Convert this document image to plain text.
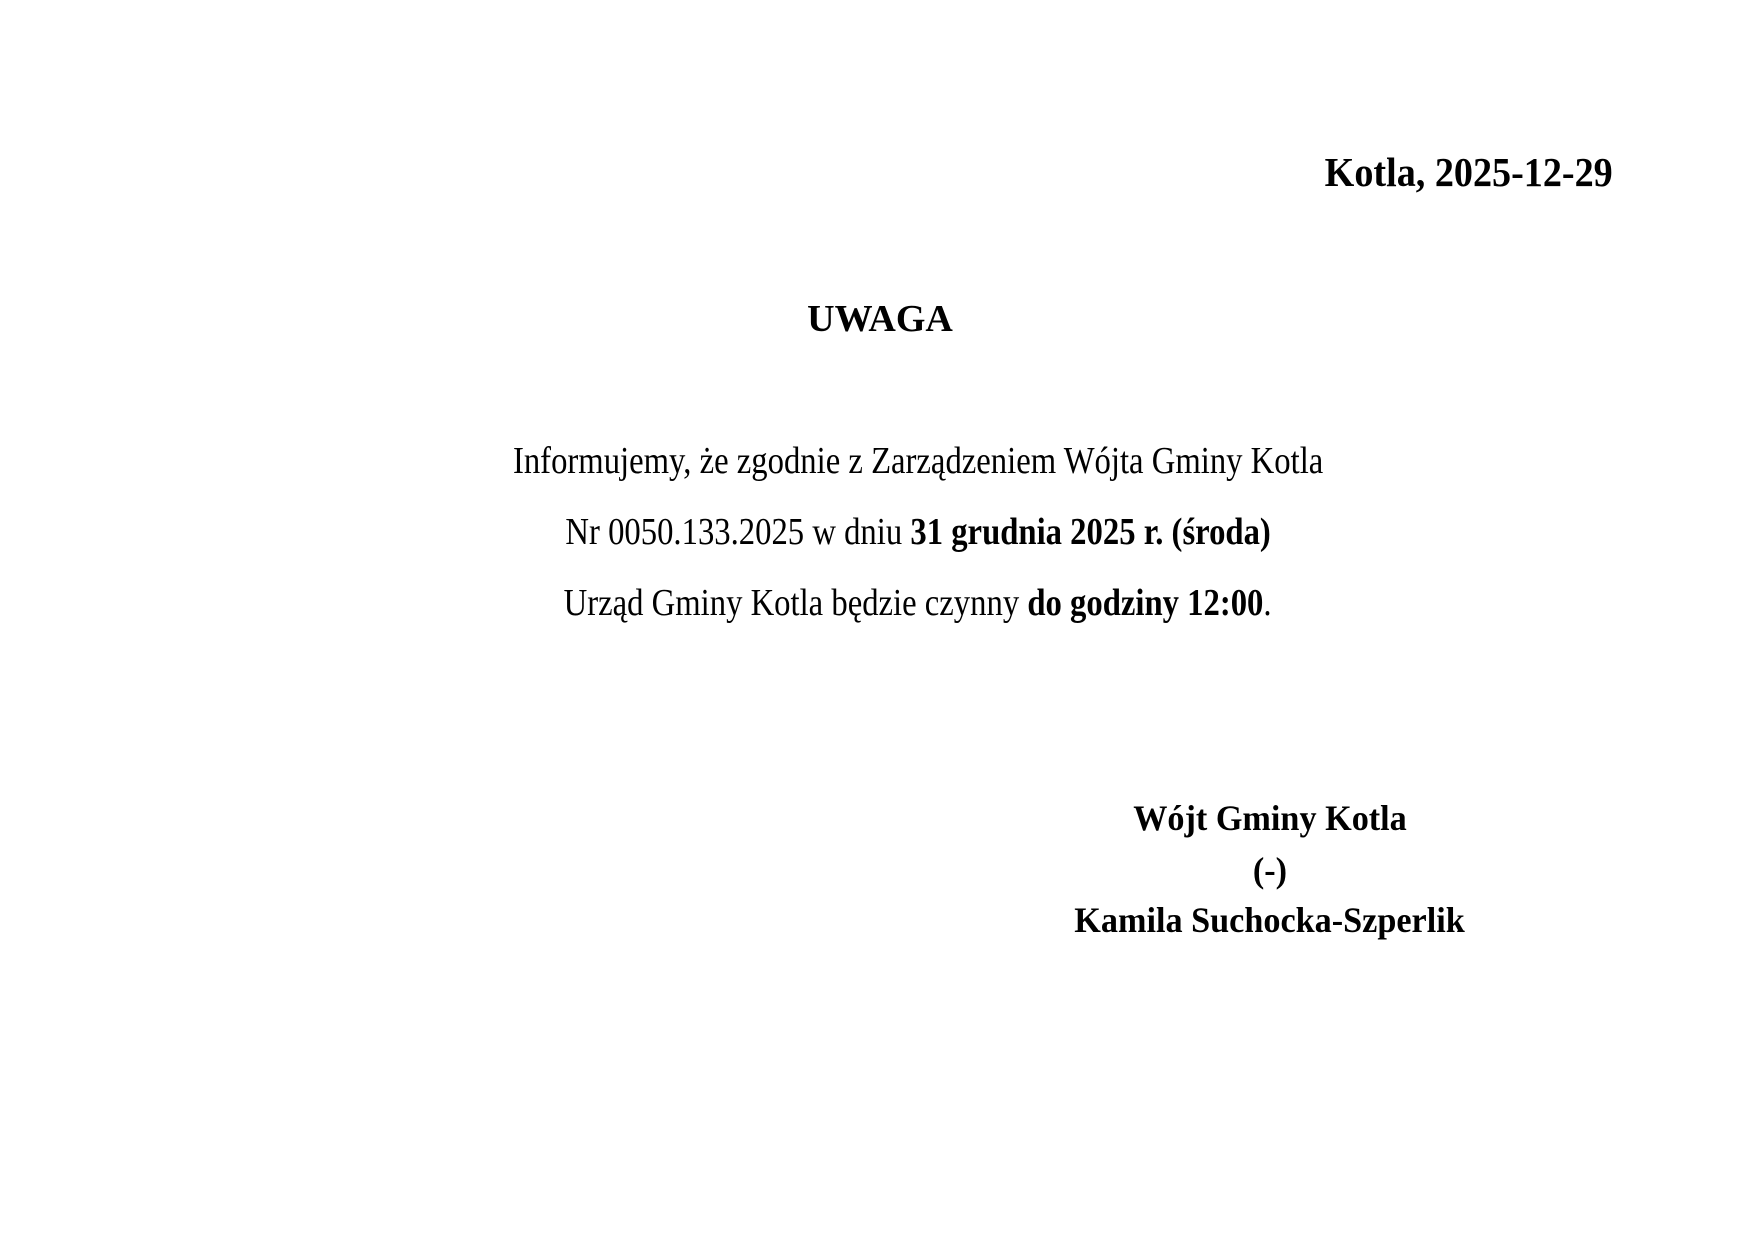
Kotla, 2025-12-29
UWAGA
Informujemy, że zgodnie z Zarządzeniem Wójta Gminy Kotla
Nr 0050.133.2025 w dniu 31 grudnia 2025 r. (środa)
Urząd Gminy Kotla będzie czynny do godziny 12:00.
Wójt Gminy Kotla
(-)
Kamila Suchocka-Szperlik
